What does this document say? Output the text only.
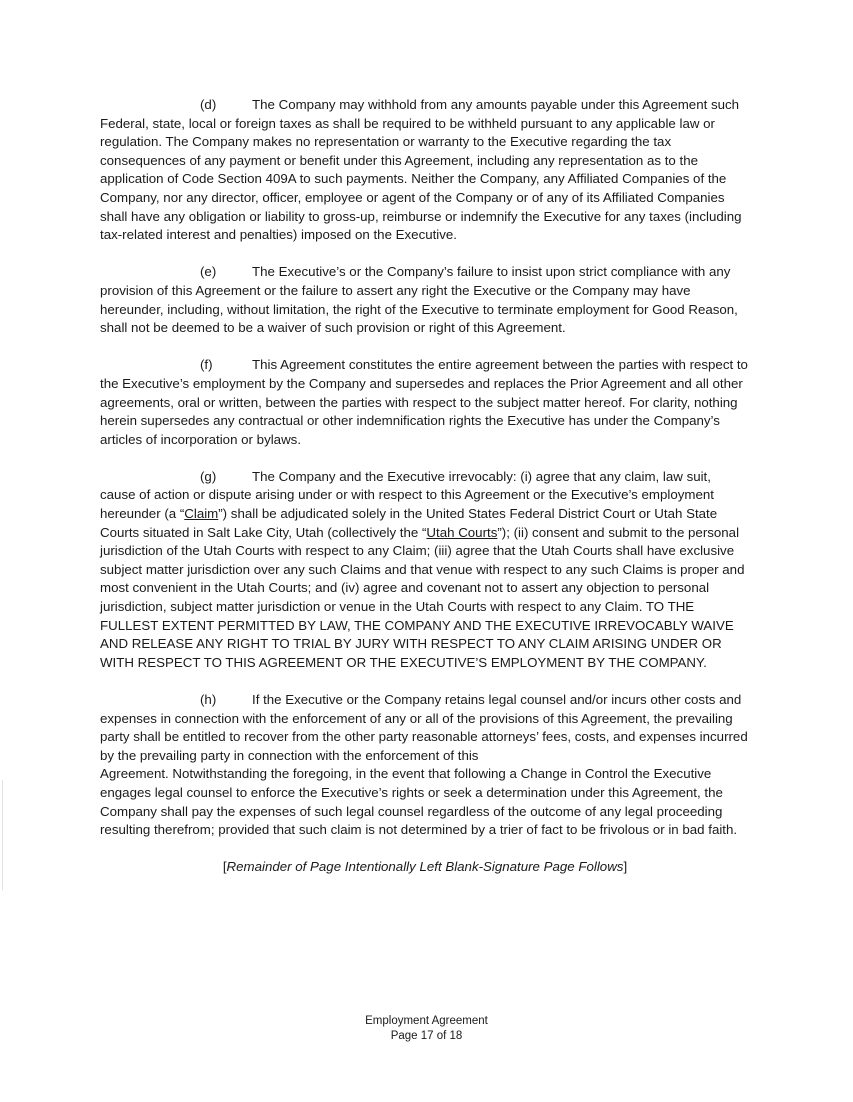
(d)	The Company may withhold from any amounts payable under this Agreement such Federal, state, local or foreign taxes as shall be required to be withheld pursuant to any applicable law or regulation. The Company makes no representation or warranty to the Executive regarding the tax consequences of any payment or benefit under this Agreement, including any representation as to the application of Code Section 409A to such payments. Neither the Company, any Affiliated Companies of the Company, nor any director, officer, employee or agent of the Company or of any of its Affiliated Companies shall have any obligation or liability to gross-up, reimburse or indemnify the Executive for any taxes (including tax-related interest and penalties) imposed on the Executive.

(e)	The Executive’s or the Company’s failure to insist upon strict compliance with any provision of this Agreement or the failure to assert any right the Executive or the Company may have hereunder, including, without limitation, the right of the Executive to terminate employment for Good Reason, shall not be deemed to be a waiver of such provision or right of this Agreement.

(f)	This Agreement constitutes the entire agreement between the parties with respect to the Executive’s employment by the Company and supersedes and replaces the Prior Agreement and all other agreements, oral or written, between the parties with respect to the subject matter hereof. For clarity, nothing herein supersedes any contractual or other indemnification rights the Executive has under the Company’s articles of incorporation or bylaws.

(g)	The Company and the Executive irrevocably: (i) agree that any claim, law suit, cause of action or dispute arising under or with respect to this Agreement or the Executive’s employment hereunder (a “Claim”) shall be adjudicated solely in the United States Federal District Court or Utah State Courts situated in Salt Lake City, Utah (collectively the “Utah Courts”); (ii) consent and submit to the personal jurisdiction of the Utah Courts with respect to any Claim; (iii) agree that the Utah Courts shall have exclusive subject matter jurisdiction over any such Claims and that venue with respect to any such Claims is proper and most convenient in the Utah Courts; and (iv) agree and covenant not to assert any objection to personal jurisdiction, subject matter jurisdiction or venue in the Utah Courts with respect to any Claim. TO THE FULLEST EXTENT PERMITTED BY LAW, THE COMPANY AND THE EXECUTIVE IRREVOCABLY WAIVE AND RELEASE ANY RIGHT TO TRIAL BY JURY WITH RESPECT TO ANY CLAIM ARISING UNDER OR WITH RESPECT TO THIS AGREEMENT OR THE EXECUTIVE’S EMPLOYMENT BY THE COMPANY.

(h)	If the Executive or the Company retains legal counsel and/or incurs other costs and expenses in connection with the enforcement of any or all of the provisions of this Agreement, the prevailing party shall be entitled to recover from the other party reasonable attorneys’ fees, costs, and expenses incurred by the prevailing party in connection with the enforcement of this
Agreement. Notwithstanding the foregoing, in the event that following a Change in Control the Executive engages legal counsel to enforce the Executive’s rights or seek a determination under this Agreement, the Company shall pay the expenses of such legal counsel regardless of the outcome of any legal proceeding resulting therefrom; provided that such claim is not determined by a trier of fact to be frivolous or in bad faith.

[Remainder of Page Intentionally Left Blank-Signature Page Follows]

Employment Agreement
Page 17 of 18
